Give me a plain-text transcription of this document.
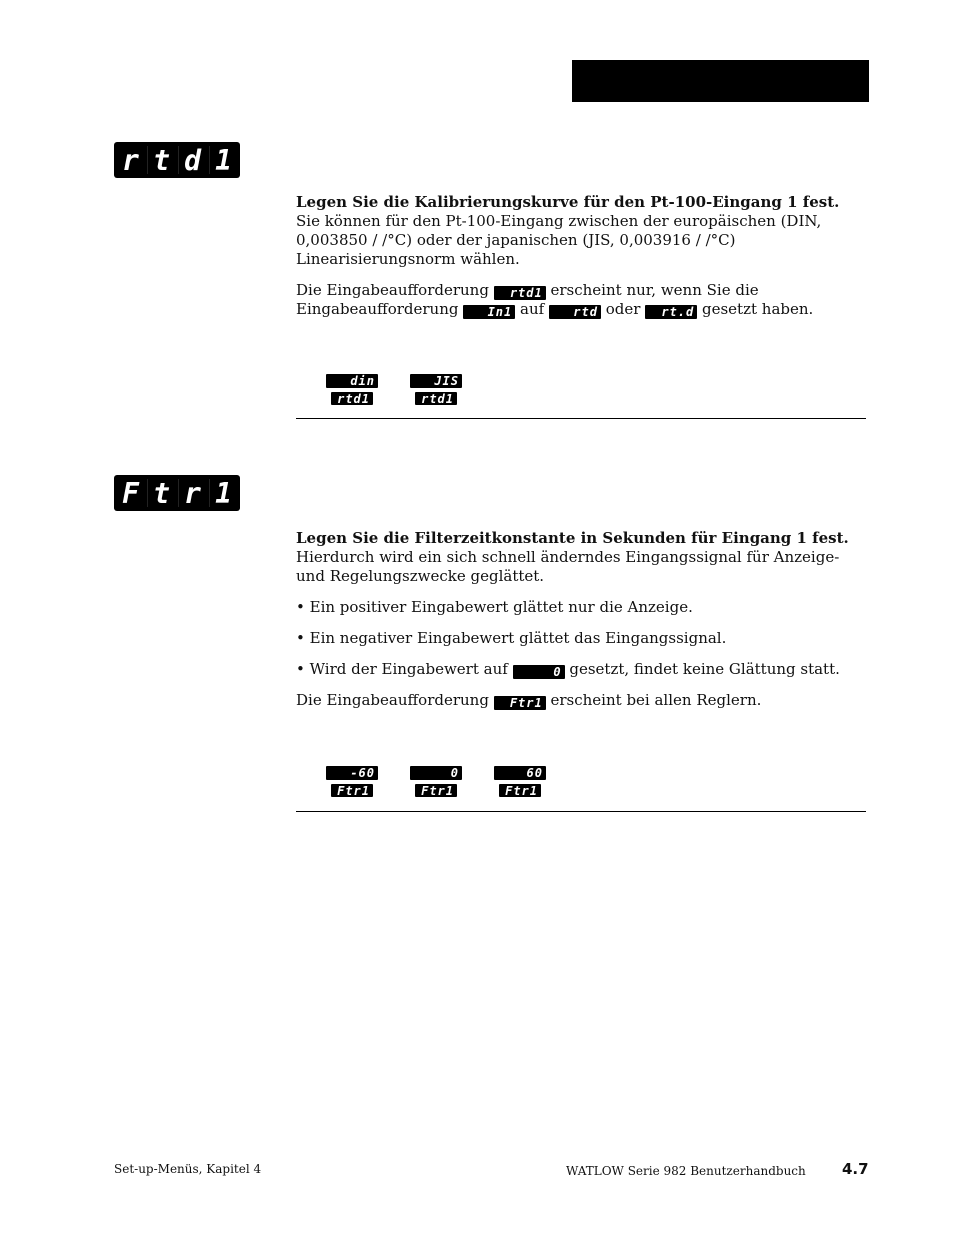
r t d 1

Legen Sie die Kalibrierungskurve für den Pt-100-Eingang 1 fest. Sie können für den Pt-100-Eingang zwischen der europäischen (DIN, 0,003850 / /°C) oder der japanischen (JIS, 0,003916 / /°C) Linearisierungsnorm wählen.

Die Eingabeaufforderung rtd1 erscheint nur, wenn Sie die Eingabeaufforderung In1 auf rtd oder rt.d gesetzt haben.

din
rtd1
JIS
rtd1
F t r 1

Legen Sie die Filterzeitkonstante in Sekunden für Eingang 1 fest. Hierdurch wird ein sich schnell änderndes Eingangssignal für Anzeige- und Regelungszwecke geglättet.

• Ein positiver Eingabewert glättet nur die Anzeige.

• Ein negativer Eingabewert glättet das Eingangssignal.

• Wird der Eingabewert auf	0 gesetzt, findet keine Glättung statt.

Die Eingabeaufforderung Ftr1 erscheint bei allen Reglern.

-60
Ftr1
0
Ftr1
60
Ftr1
Set-up-Menüs, Kapitel 4	WATLOW Serie 982 Benutzerhandbuch 4.7
